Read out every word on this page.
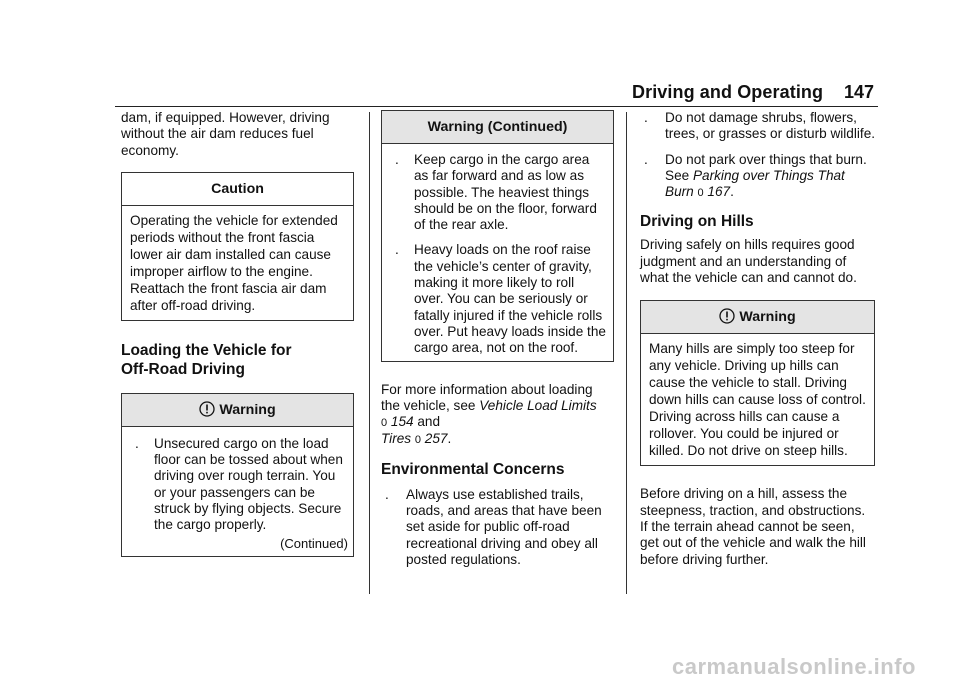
Driving and Operating 147

dam, if equipped. However, driving without the air dam reduces fuel economy.

Caution

Operating the vehicle for extended periods without the front fascia lower air dam installed can cause improper airflow to the engine. Reattach the front fascia air dam after off-road driving.

Loading the Vehicle for

Off-Road Driving

Warning
. Unsecured cargo on the load floor can be tossed about when driving over rough terrain. You or your passengers can be struck by flying objects. Secure the cargo properly.
(Continued)
Warning (Continued)
. Keep cargo in the cargo area as far forward and as low as possible. The heaviest things should be on the floor, forward of the rear axle.
. Heavy loads on the roof raise the vehicle’s center of gravity, making it more likely to roll over. You can be seriously or fatally injured if the vehicle rolls over. Put heavy loads inside the cargo area, not on the roof.

For more information about loading the vehicle, see Vehicle Load Limits
0 154 and
Tires 0 257.

Environmental Concerns

. Always use established trails, roads, and areas that have been set aside for public off-road recreational driving and obey all posted regulations.
. Do not damage shrubs, flowers, trees, or grasses or disturb wildlife.
. Do not park over things that burn. See Parking over Things That Burn 0 167.

Driving on Hills

Driving safely on hills requires good judgment and an understanding of what the vehicle can and cannot do.

Warning

Many hills are simply too steep for any vehicle. Driving up hills can cause the vehicle to stall. Driving down hills can cause loss of control. Driving across hills can cause a rollover. You could be injured or killed. Do not drive on steep hills.

Before driving on a hill, assess the steepness, traction, and obstructions. If the terrain ahead cannot be seen, get out of the vehicle and walk the hill before driving further.

carmanualsonline.info
